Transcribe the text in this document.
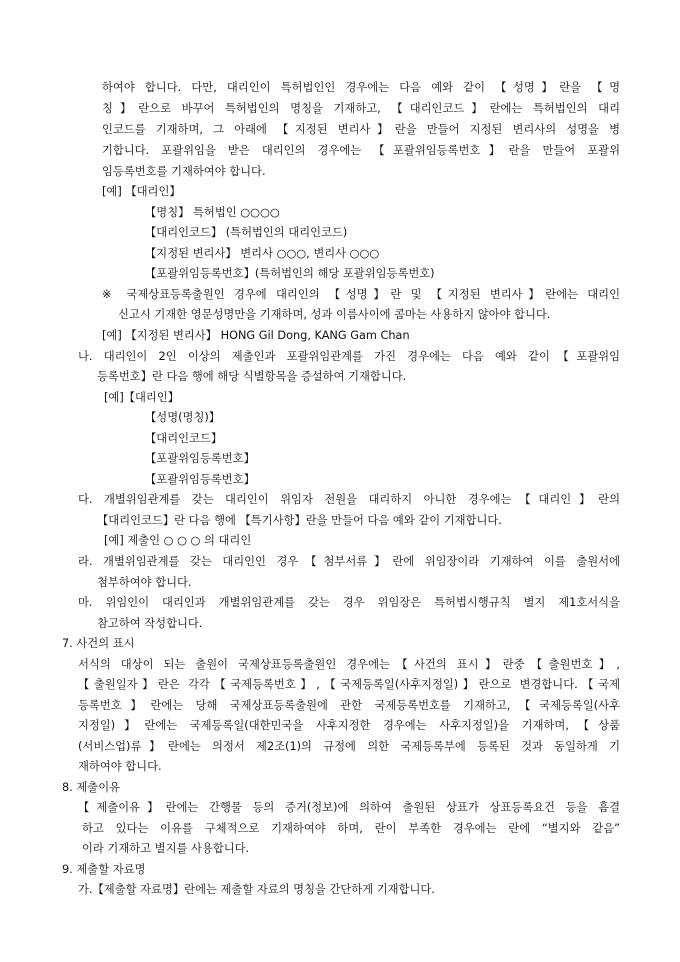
하여야 합니다. 다만, 대리인이 특허법인인 경우에는 다음 예와 같이 【성명】란을 【명
칭】란으로 바꾸어 특허법인의 명칭을 기재하고, 【대리인코드】란에는 특허법인의 대리
인코드를 기재하며, 그 아래에 【지정된 변리사】란을 만들어 지정된 변리사의 성명을 병
기합니다. 포괄위임을 받은 대리인의 경우에는 【포괄위임등록번호】란을 만들어 포괄위
임등록번호를 기재하여야 합니다.
[예] 【대리인】
【명칭】 특허법인 ○○○○
【대리인코드】 (특허법인의 대리인코드)
【지정된 변리사】 변리사 ○○○, 변리사 ○○○
【포괄위임등록번호】(특허법인의 해당 포괄위임등록번호)
※ 국제상표등록출원인 경우에 대리인의 【성명】란 및 【지정된 변리사】란에는 대리인
신고시 기재한 영문성명만을 기재하며, 성과 이름사이에 콤마는 사용하지 않아야 합니다.
[예] 【지정된 변리사】 HONG Gil Dong, KANG Gam Chan
나. 대리인이 2인 이상의 제출인과 포괄위임관계를 가진 경우에는 다음 예와 같이【포괄위임
등록번호】란 다음 행에 해당 식별항목을 증설하여 기재합니다.
[예]【대리인】
【성명(명칭)】
【대리인코드】
【포괄위임등록번호】
【포괄위임등록번호】
다. 개별위임관계를 갖는 대리인이 위임자 전원을 대리하지 아니한 경우에는【대리인】란의
【대리인코드】란 다음 행에 【특기사항】란을 만들어 다음 예와 같이 기재합니다.
[예] 제출인 ○ ○ ○ 의 대리인
라. 개별위임관계를 갖는 대리인인 경우【첨부서류】란에 위임장이라 기재하여 이를 출원서에
첨부하여야 합니다.
마. 위임인이 대리인과 개별위임관계를 갖는 경우 위임장은 특허법시행규칙 별지 제1호서식을
참고하여 작성합니다.
7. 사건의 표시
서식의 대상이 되는 출원이 국제상표등록출원인 경우에는【사건의 표시】란중【출원번호】,
【출원일자】란은 각각【국제등록번호】,【국제등록일(사후지정일)】란으로 변경합니다.【국제
등록번호】란에는 당해 국제상표등록출원에 관한 국제등록번호를 기재하고,【국제등록일(사후
지정일)】란에는 국제등록일(대한민국을 사후지정한 경우에는 사후지정일)을 기재하며,【상품
(서비스업)류】란에는 의정서 제2조(1)의 규정에 의한 국제등록부에 등록된 것과 동일하게 기
재하여야 합니다.
8. 제출이유
【제출이유】란에는 간행물 등의 증거(정보)에 의하여 출원된 상표가 상표등록요건 등을 흠결
하고 있다는 이유를 구체적으로 기재하여야 하며, 란이 부족한 경우에는 란에 “별지와 같음”
이라 기재하고 별지를 사용합니다.
9. 제출할 자료명
가.【제출할 자료명】란에는 제출할 자료의 명칭을 간단하게 기재합니다.
